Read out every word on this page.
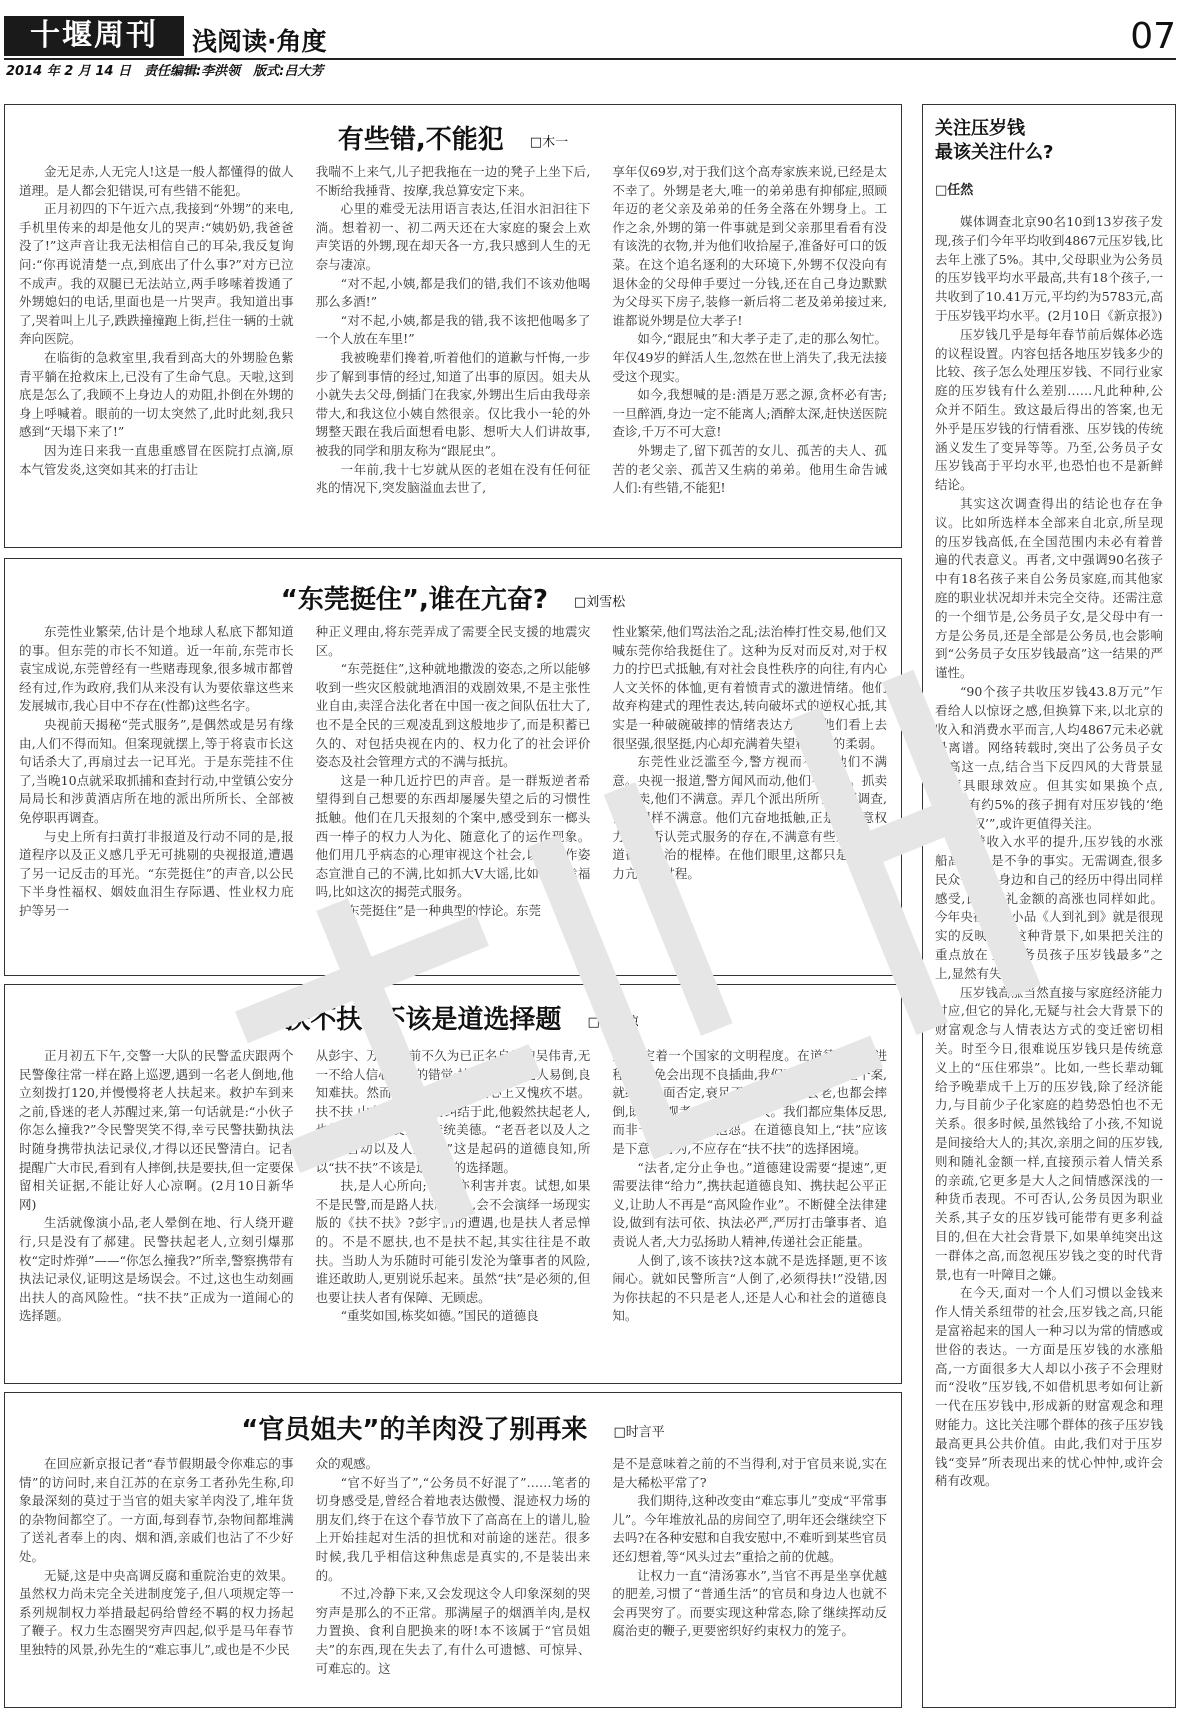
十堰周刊	浅阅读·角度	07
2014 年 2 月 14 日　责任编辑:李洪领　版式:吕大芳
有些错,不能犯 □木一

金无足赤,人无完人!这是一般人都懂得的做人道理。是人都会犯错误,可有些错不能犯。

正月初四的下午近六点,我接到“外甥”的来电,手机里传来的却是他女儿的哭声:“姨奶奶,我爸爸没了!”这声音让我无法相信自己的耳朵,我反复询问:“你再说清楚一点,到底出了什么事?”对方已泣不成声。我的双腿已无法站立,两手哆嗦着拨通了外甥媳妇的电话,里面也是一片哭声。我知道出事了,哭着叫上儿子,跌跌撞撞跑上街,拦住一辆的士就奔向医院。

在临街的急救室里,我看到高大的外甥脸色紫青平躺在抢救床上,已没有了生命气息。天啦,这到底是怎么了,我顾不上身边人的劝阻,扑倒在外甥的身上呼喊着。眼前的一切太突然了,此时此刻,我只感到“天塌下来了!”

因为连日来我一直患重感冒在医院打点滴,原本气管发炎,这突如其来的打击让

我喘不上来气,儿子把我拖在一边的凳子上坐下后,不断给我捶背、按摩,我总算安定下来。

心里的难受无法用语言表达,任泪水汩汩往下淌。想着初一、初二两天还在大家庭的聚会上欢声笑语的外甥,现在却天各一方,我只感到人生的无奈与凄凉。

“对不起,小姨,都是我们的错,我们不该劝他喝那么多酒!”

“对不起,小姨,都是我的错,我不该把他喝多了一个人放在车里!”

我被晚辈们搀着,听着他们的道歉与忏悔,一步步了解到事情的经过,知道了出事的原因。姐夫从小就失去父母,倒插门在我家,外甥出生后由我母亲带大,和我这位小姨自然很亲。仅比我小一轮的外甥整天跟在我后面想看电影、想听大人们讲故事,被我的同学和朋友称为“跟屁虫”。

一年前,我十七岁就从医的老姐在没有任何征兆的情况下,突发脑溢血去世了,

享年仅69岁,对于我们这个高寿家族来说,已经是太不幸了。外甥是老大,唯一的弟弟患有抑郁症,照顾年迈的老父亲及弟弟的任务全落在外甥身上。工作之余,外甥的第一件事就是到父亲那里看看有没有该洗的衣物,并为他们收拾屋子,准备好可口的饭菜。在这个追名逐利的大环境下,外甥不仅没向有退休金的父母伸手要过一分钱,还在自己身边默默为父母买下房子,装修一新后将二老及弟弟接过来,谁都说外甥是位大孝子!

如今,“跟屁虫”和大孝子走了,走的那么匆忙。年仅49岁的鲜活人生,忽然在世上消失了,我无法接受这个现实。

如今,我想喊的是:酒是万恶之源,贪杯必有害;一旦醉酒,身边一定不能离人;酒醉太深,赶快送医院查诊,千万不可大意!

外甥走了,留下孤苦的女儿、孤苦的夫人、孤苦的老父亲、孤苦又生病的弟弟。他用生命告诫人们:有些错,不能犯!

“东莞挺住”,谁在亢奋? □刘雪松

东莞性业繁荣,估计是个地球人私底下都知道的事。但东莞的市长不知道。近一年前,东莞市长袁宝成说,东莞曾经有一些赌毒现象,很多城市都曾经有过,作为政府,我们从来没有认为要依靠这些来发展城市,我心目中不存在(性都)这些名字。

央视前天揭秘“莞式服务”,是偶然或是另有缘由,人们不得而知。但案现就摆上,等于将袁市长这句话杀大了,再扇过去一记耳光。于是东莞挂不住了,当晚10点就采取抓捕和查封行动,中堂镇公安分局局长和涉黄酒店所在地的派出所所长、全部被免停职再调查。

与史上所有扫黄打非报道及行动不同的是,报道程序以及正义感几乎无可挑剔的央视报道,遭遇了另一记反击的耳光。“东莞挺住”的声音,以公民下半身性福权、姻妓血泪生存际遇、性业权力庇护等另一

种正义理由,将东莞弄成了需要全民支援的地震灾区。

“东莞挺住”,这种就地撒泼的姿态,之所以能够收到一些灾区般就地酒泪的戏剧效果,不是主张性业自由,卖淫合法化者在中国一夜之间队伍壮大了,也不是全民的三观凌乱到这般地步了,而是积蓄已久的、对包括央视在内的、权力化了的社会评价姿态及社会管理方式的不满与抵抗。

这是一种几近拧巴的声音。是一群叛逆者希望得到自己想要的东西却屡屡失望之后的习惯性抵触。他们在几天报刻的个案中,感受到东一榔头西一棒子的权力人为化、随意化了的运作现象。他们用几乎病态的心理审视这个社会,以不合作姿态宣泄自己的不满,比如抓大V大谣,比如问你幸福吗,比如这次的揭莞式服务。

“东莞挺住”是一种典型的悖论。东莞

性业繁荣,他们骂法治之乱;法治棒打性交易,他们又喊东莞你给我挺住了。这种为反对而反对,对于权力的拧巴式抵触,有对社会良性秩序的向往,有内心人文关怀的体恤,更有着愤青式的激进情绪。他们故弃构建式的理性表达,转向破坏式的逆权心抵,其实是一种破碗破摔的情绪表达方式。他们看上去很坚强,很坚挺,内心却充满着失望和失落的柔弱。

东莞性业泛滥至今,警方视而不见,他们不满意。央视一报道,警方闻风而动,他们不满意。抓卖性妻卖,他们不满意。弄几个派出所所长停职调查,他们同样不满意。他们亢奋地抵触,正是不满意权力曾经否认莞式服务的存在,不满意有些媒体挟着道德与法治的棍棒。在他们眼里,这都只是一个权力亢奋的过程。

“扶不扶”不该是道选择题 □诸葛凉

正月初五下午,交警一大队的民警孟庆跟两个民警像往常一样在路上巡逻,遇到一名老人倒地,他立刻拨打120,并慢慢将老人扶起来。救护车到来之前,昏迷的老人苏醒过来,第一句话就是:“小伙子你怎么撞我?”令民警哭笑不得,幸亏民警扶勤执法时随身携带执法记录仪,才得以还民警清白。记者提醒广大市民,看到有人摔倒,扶是要扶,但一定要保留相关证据,不能让好人心凉啊。(2月10日新华网)

生活就像演小品,老人晕倒在地、行人绕开避行,只是没有了郝建。民警扶起老人,立刻引爆那枚“定时炸弹”——“你怎么撞我?”所幸,警察携带有执法记录仪,证明这是场误会。不过,这也生动刻画出扶人的高风险性。“扶不扶”正成为一道闹心的选择题。

从彭宇、万鑫,到前不久为已正名自杀的吴伟青,无一不给人信心剥骨的错觉:扶人必被讹,老人易倒,良知难扶。然而,如若不扶,自己良心上又愧疚不堪。扶不扶,山东民警并没有纠结于此,他毅然扶起老人,也扶起了社会良知和传统美德。“老吾老以及人之老,幼吾幼以及人之幼。”这是起码的道德良知,所以“扶不扶”不该是道棘手的选择题。

扶,是人心所向;不扶,亦利害并衷。试想,如果不是民警,而是路人扶起老人,会不会演绎一场现实版的《扶不扶》?彭宇们的遭遇,也是扶人者忌惮的。不是不愿扶,也不是扶不起,其实往往是不敢扶。当助人为乐随时可能引发沦为肇事者的风险,谁还敢助人,更别说乐起来。虽然“扶”是必须的,但也要让扶人者有保障、无顾虑。

“重奖如国,栋奖如德。”国民的道德良

知,决定着一个国家的文明程度。在道德建设的进程中,难免会出现不良插曲,我们不能因为这些个案,就给予全面否定,衰足不前。我们都会老,也都会摔倒,既是围观者,也将是当事人。我们都应集体反思,而非一味地回避、抱怨。在道德良知上,“扶”应该是下意识行为,不应存在“扶不扶”的选择困境。

“法者,定分止争也。”道德建设需要“提速”,更需要法律“给力”,携扶起道德良知、携扶起公平正义,让助人不再是“高风险作业”。不断健全法律建设,做到有法可依、执法必严,严厉打击肇事者、追责说人者,大力弘扬助人精神,传递社会正能量。

人倒了,该不该扶?这本就不是选择题,更不该闹心。就如民警所言“人倒了,必须得扶!”没错,因为你扶起的不只是老人,还是人心和社会的道德良知。

“官员姐夫”的羊肉没了别再来 □时言平

在回应新京报记者“春节假期最令你难忘的事情”的访问时,来自江苏的在京务工者孙先生称,印象最深刻的莫过于当官的姐夫家羊肉没了,堆年货的杂物间都空了。一方面,每到春节,杂物间都堆满了送礼者奉上的肉、烟和酒,亲戚们也沾了不少好处。

无疑,这是中央高调反腐和重院治吏的效果。虽然权力尚未完全关进制度笼子,但八项规定等一系列规制权力举措最起码给曾经不羁的权力扬起了鞭子。权力生态圈哭穷声四起,似乎是马年春节里独特的风景,孙先生的“难忘事儿”,或也是不少民

众的观感。

“官不好当了”,“公务员不好混了”……笔者的切身感受是,曾经合着地表达傲慢、混迹权力场的朋友们,终于在这个春节放下了高高在上的谱儿,脸上开始挂起对生活的担忧和对前途的迷茫。很多时候,我几乎相信这种焦虑是真实的,不是装出来的。

不过,冷静下来,又会发现这令人印象深刻的哭穷声是那么的不正常。那满屋子的烟酒羊肉,是权力置换、食利自肥换来的呀!本不该属于“官员姐夫”的东西,现在失去了,有什么可遗憾、可惊异、可难忘的。这

是不是意味着之前的不当得利,对于官员来说,实在是大稀松平常了?

我们期待,这种改变由“难忘事儿”变成“平常事儿”。今年堆放礼品的房间空了,明年还会继续空下去吗?在各种安慰和自我安慰中,不难听到某些官员还幻想着,等“风头过去”重拾之前的优越。

让权力一直“清汤寡水”,当官不再是坐享优越的肥差,习惯了“普通生活”的官员和身边人也就不会再哭穷了。而要实现这种常态,除了继续挥动反腐治吏的鞭子,更要密织好约束权力的笼子。

关注压岁钱
最该关注什么?
□任然

媒体调查北京90名10到13岁孩子发现,孩子们今年平均收到4867元压岁钱,比去年上涨了5%。其中,父母职业为公务员的压岁钱平均水平最高,共有18个孩子,一共收到了10.41万元,平均约为5783元,高于压岁钱平均水平。(2月10日《新京报》)

压岁钱几乎是每年春节前后媒体必选的议程设置。内容包括各地压岁钱多少的比较、孩子怎么处理压岁钱、不同行业家庭的压岁钱有什么差别……凡此种种,公众并不陌生。致这最后得出的答案,也无外乎是压岁钱的行情看涨、压岁钱的传统涵义发生了变异等等。乃至,公务员子女压岁钱高于平均水平,也恐怕也不是新鲜结论。

其实这次调查得出的结论也存在争议。比如所选样本全部来自北京,所呈现的压岁钱高低,在全国范围内未必有着普遍的代表意义。再者,文中强调90名孩子中有18名孩子来自公务员家庭,而其他家庭的职业状况却并未完全交待。还需注意的一个细节是,公务员子女,是父母中有一方是公务员,还是全部是公务员,也会影响到“公务员子女压岁钱最高”这一结果的严谨性。

“90个孩子共收压岁钱43.8万元”乍看给人以惊讶之感,但换算下来,以北京的收入和消费水平而言,人均4867元未必就是离谱。网络转载时,突出了公务员子女最高这一点,结合当下反四风的大背景显然更具眼球效应。但其实如果换个点,如“只有约5%的孩子拥有对压岁钱的‘绝对使用权’”,或许更值得关注。

随着收入水平的提升,压岁钱的水涨船高,早已是不争的事实。无需调查,很多民众也能从身边和自己的经历中得出同样感受,比如随礼金额的高涨也同样如此。今年央视春晚小品《人到礼到》就是很现实的反映。在这种背景下,如果把关注的重点放在了“公务员孩子压岁钱最多”之上,显然有失公允。

压岁钱高涨当然直接与家庭经济能力对应,但它的异化,无疑与社会大背景下的财富观念与人情表达方式的变迁密切相关。时至今日,很难说压岁钱只是传统意义上的“压住邪祟”。比如,一些长辈动辄给予晚辈成千上万的压岁钱,除了经济能力,与目前少子化家庭的趋势恐怕也不无关系。很多时候,虽然钱给了小孩,不知说是间接给大人的;其次,亲朋之间的压岁钱,则和随礼金额一样,直接预示着人情关系的亲疏,它更多是大人之间情感深浅的一种货币表现。不可否认,公务员因为职业关系,其子女的压岁钱可能带有更多利益目的,但在大社会背景下,如果单纯突出这一群体之高,而忽视压岁钱之变的时代背景,也有一叶障目之嫌。

在今天,面对一个人们习惯以金钱来作人情关系纽带的社会,压岁钱之高,只能是富裕起来的国人一种习以为常的情感或世俗的表达。一方面是压岁钱的水涨船高,一方面很多大人却以小孩子不会理财而“没收”压岁钱,不如借机思考如何让新一代在压岁钱中,形成新的财富观念和理财能力。这比关注哪个群体的孩子压岁钱最高更具公共价值。由此,我们对于压岁钱“变异”所表现出来的忧心忡忡,或许会稍有改观。
